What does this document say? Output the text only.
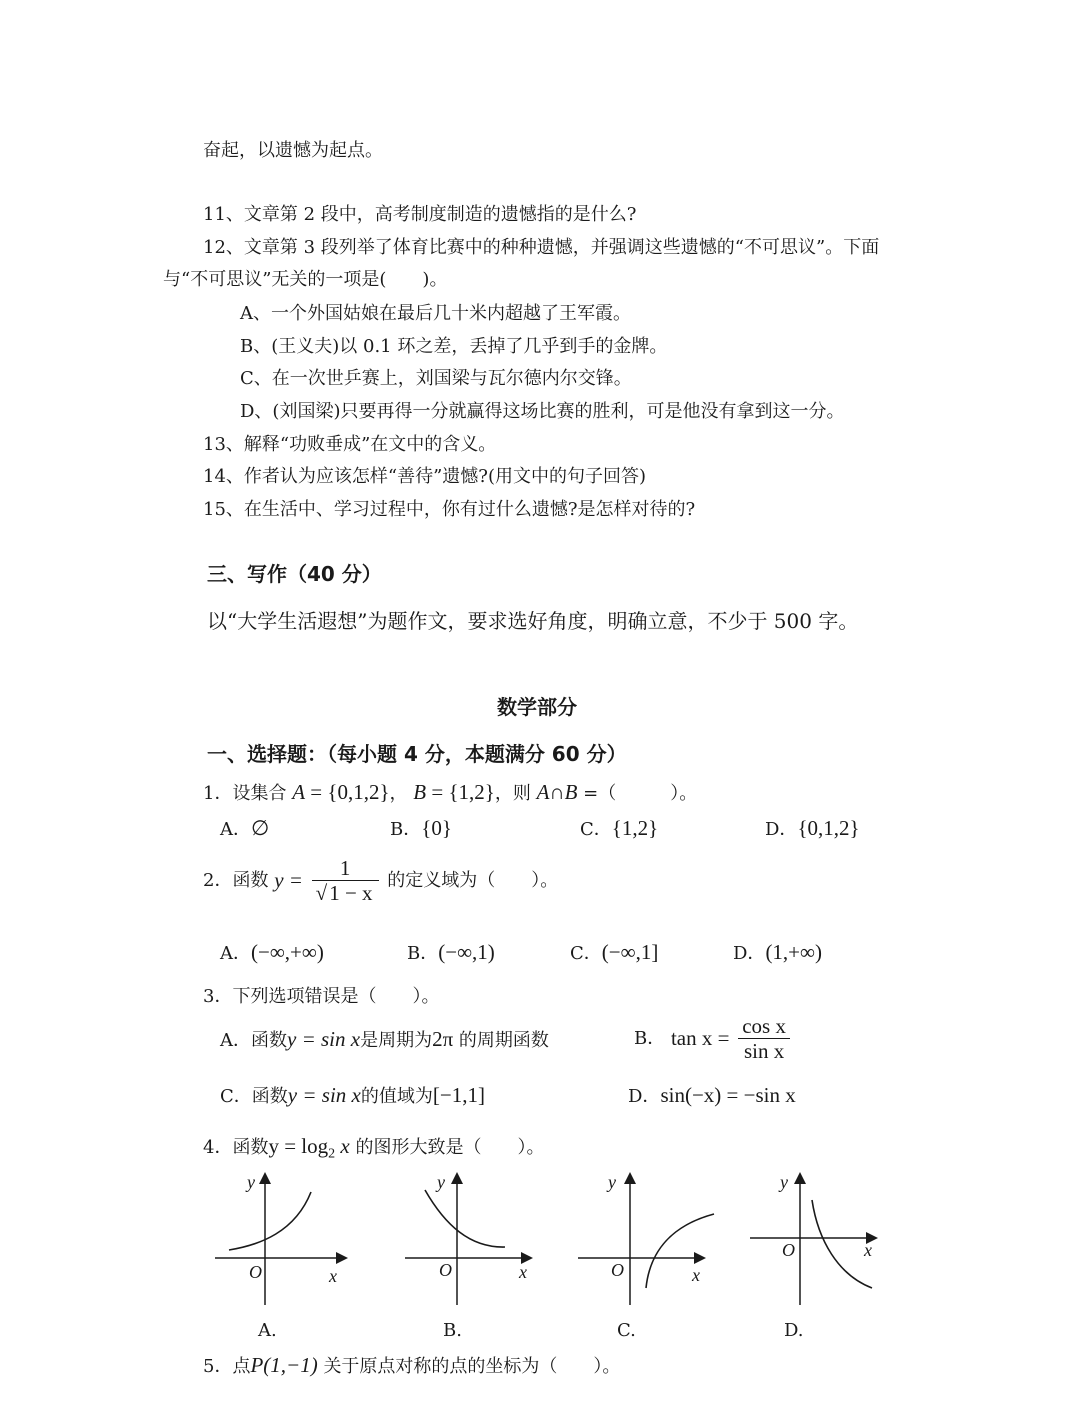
奋起，以遗憾为起点。
11、文章第 2 段中，高考制度制造的遗憾指的是什么?
12、文章第 3 段列举了体育比赛中的种种遗憾，并强调这些遗憾的“不可思议”。下面
与“不可思议”无关的一项是(　　)。
A、一个外国姑娘在最后几十米内超越了王军霞。
B、(王义夫)以 0.1 环之差，丢掉了几乎到手的金牌。
C、在一次世乒赛上，刘国梁与瓦尔德内尔交锋。
D、(刘国梁)只要再得一分就赢得这场比赛的胜利，可是他没有拿到这一分。
13、解释“功败垂成”在文中的含义。
14、作者认为应该怎样“善待”遗憾?(用文中的句子回答)
15、在生活中、学习过程中，你有过什么遗憾?是怎样对待的?
三、写作（40 分）
以“大学生活遐想”为题作文，要求选好角度，明确立意，不少于 500 字。
数学部分
一、选择题：（每小题 4 分，本题满分 60 分）
1．设集合 A = {0,1,2}， B = {1,2}，则 A∩B =（　　　）。
A．∅	B．{0}	C．{1,2}	D．{0,1,2}
2．函数 $y = \frac{1}{√1 - x}$ 的定义域为（　　）。
A．(−∞,+∞)	B．(−∞,1)	C．(−∞,1]	D．(1,+∞)
3．下列选项错误是（　　）。
A．函数y = sin x是周期为2π 的周期函数	B． $\tan x = \frac{\text{cos x}}{\text{sin x}}$
C．函数y = sin x的值域为[−1,1]	D．sin(−x) = −sin x
4．函数$y = \log_2 x$ 的图形大致是（　　）。
y
x
O
A.
y
x
O
B.
y
x
O
C.
y
x
O
D.
5．点P(1,−1) 关于原点对称的点的坐标为（　　）。
